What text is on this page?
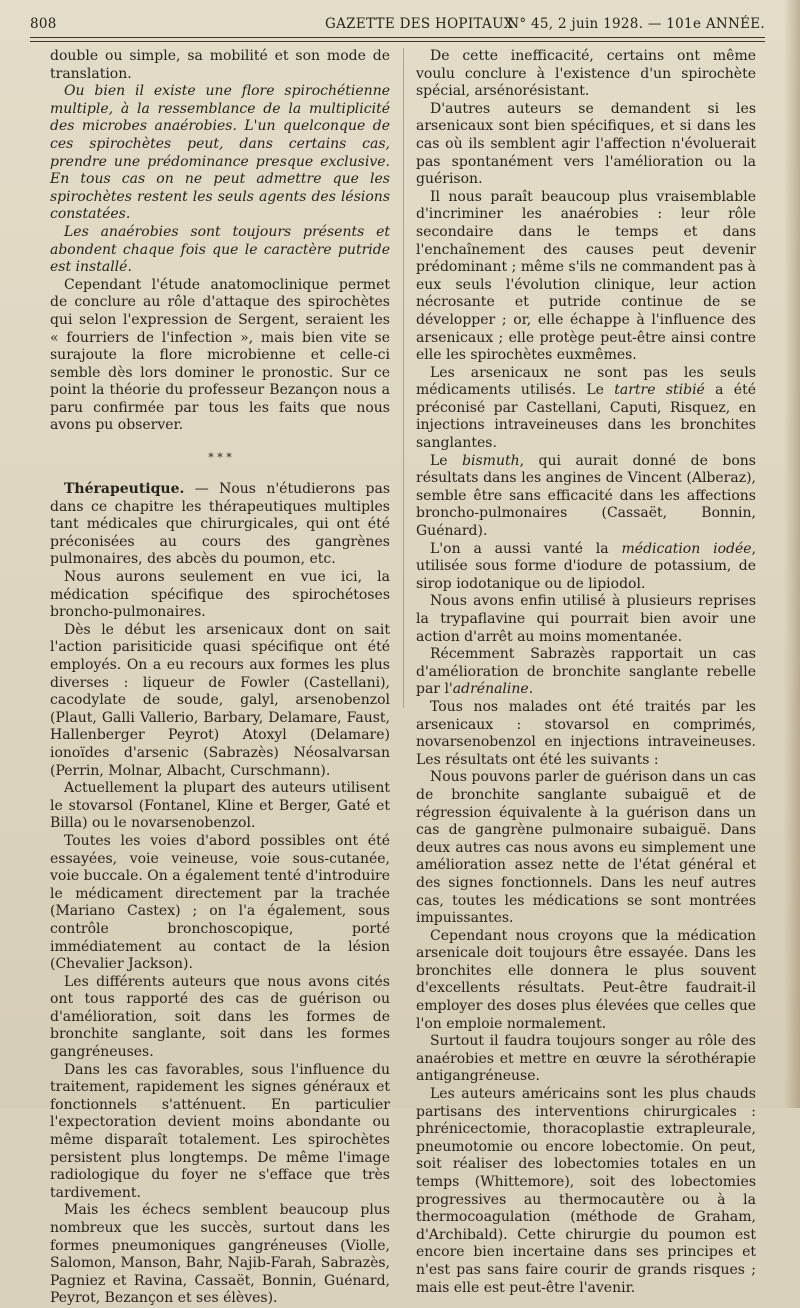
808	GAZETTE DES HOPITAUX
N° 45, 2 juin 1928. — 101e ANNÉE.

double ou simple, sa mobilité et son mode de translation.

Ou bien il existe une flore spirochétienne multiple, à la ressemblance de la multiplicité des microbes anaérobies. L'un quelconque de ces spirochètes peut, dans certains cas, prendre une prédominance presque exclusive. En tous cas on ne peut admettre que les spirochètes restent les seuls agents des lésions constatées.

Les anaérobies sont toujours présents et abondent chaque fois que le caractère putride est installé.

Cependant l'étude anatomoclinique permet de conclure au rôle d'attaque des spirochètes qui selon l'expression de Sergent, seraient les « fourriers de l'infection », mais bien vite se surajoute la flore microbienne et celle-ci semble dès lors dominer le pronostic. Sur ce point la théorie du professeur Bezançon nous a paru confirmée par tous les faits que nous avons pu observer.

* * *

Thérapeutique. — Nous n'étudierons pas dans ce chapitre les thérapeutiques multiples tant médicales que chirurgicales, qui ont été préconisées au cours des gangrènes pulmonaires, des abcès du poumon, etc.

Nous aurons seulement en vue ici, la médication spécifique des spirochétoses broncho-pulmonaires.

Dès le début les arsenicaux dont on sait l'action parisiticide quasi spécifique ont été employés. On a eu recours aux formes les plus diverses : liqueur de Fowler (Castellani), cacodylate de soude, galyl, arsenobenzol (Plaut, Galli Vallerio, Barbary, Delamare, Faust, Hallenberger Peyrot) Atoxyl (Delamare) ionoïdes d'arsenic (Sabrazès) Néosalvarsan (Perrin, Molnar, Albacht, Curschmann).

Actuellement la plupart des auteurs utilisent le stovarsol (Fontanel, Kline et Berger, Gaté et Billa) ou le novarsenobenzol.

Toutes les voies d'abord possibles ont été essayées, voie veineuse, voie sous-cutanée, voie buccale. On a également tenté d'introduire le médicament directement par la trachée (Mariano Castex) ; on l'a également, sous contrôle bronchoscopique, porté immédiatement au contact de la lésion (Chevalier Jackson).

Les différents auteurs que nous avons cités ont tous rapporté des cas de guérison ou d'amélioration, soit dans les formes de bronchite sanglante, soit dans les formes gangréneuses.

Dans les cas favorables, sous l'influence du traitement, rapidement les signes généraux et fonctionnels s'atténuent. En particulier l'expectoration devient moins abondante ou même disparaît totalement. Les spirochètes persistent plus longtemps. De même l'image radiologique du foyer ne s'efface que très tardivement.

Mais les échecs semblent beaucoup plus nombreux que les succès, surtout dans les formes pneumoniques gangréneuses (Violle, Salomon, Manson, Bahr, Najib-Farah, Sabrazès, Pagniez et Ravina, Cassaët, Bonnin, Guénard, Peyrot, Bezançon et ses élèves).

De cette inefficacité, certains ont même voulu conclure à l'existence d'un spirochète spécial, arsénorésistant.

D'autres auteurs se demandent si les arsenicaux sont bien spécifiques, et si dans les cas où ils semblent agir l'affection n'évoluerait pas spontanément vers l'amélioration ou la guérison.

Il nous paraît beaucoup plus vraisemblable d'incriminer les anaérobies : leur rôle secondaire dans le temps et dans l'enchaînement des causes peut devenir prédominant ; même s'ils ne commandent pas à eux seuls l'évolution clinique, leur action nécrosante et putride continue de se développer ; or, elle échappe à l'influence des arsenicaux ; elle protège peut-être ainsi contre elle les spirochètes euxmêmes.

Les arsenicaux ne sont pas les seuls médicaments utilisés. Le tartre stibié a été préconisé par Castellani, Caputi, Risquez, en injections intraveineuses dans les bronchites sanglantes.

Le bismuth, qui aurait donné de bons résultats dans les angines de Vincent (Alberaz), semble être sans efficacité dans les affections broncho-pulmonaires (Cassaët, Bonnin, Guénard).

L'on a aussi vanté la médication iodée, utilisée sous forme d'iodure de potassium, de sirop iodotanique ou de lipiodol.

Nous avons enfin utilisé à plusieurs reprises la trypaflavine qui pourrait bien avoir une action d'arrêt au moins momentanée.

Récemment Sabrazès rapportait un cas d'amélioration de bronchite sanglante rebelle par l'adrénaline.

Tous nos malades ont été traités par les arsenicaux : stovarsol en comprimés, novarsenobenzol en injections intraveineuses. Les résultats ont été les suivants :

Nous pouvons parler de guérison dans un cas de bronchite sanglante subaiguë et de régression équivalente à la guérison dans un cas de gangrène pulmonaire subaiguë. Dans deux autres cas nous avons eu simplement une amélioration assez nette de l'état général et des signes fonctionnels. Dans les neuf autres cas, toutes les médications se sont montrées impuissantes.

Cependant nous croyons que la médication arsenicale doit toujours être essayée. Dans les bronchites elle donnera le plus souvent d'excellents résultats. Peut-être faudrait-il employer des doses plus élevées que celles que l'on emploie normalement.

Surtout il faudra toujours songer au rôle des anaérobies et mettre en œuvre la sérothérapie antigangréneuse.

Les auteurs américains sont les plus chauds partisans des interventions chirurgicales : phrénicectomie, thoracoplastie extrapleurale, pneumotomie ou encore lobectomie. On peut, soit réaliser des lobectomies totales en un temps (Whittemore), soit des lobectomies progressives au thermocautère ou à la thermocoagulation (méthode de Graham, d'Archibald). Cette chirurgie du poumon est encore bien incertaine dans ses principes et n'est pas sans faire courir de grands risques ; mais elle est peut-être l'avenir.
